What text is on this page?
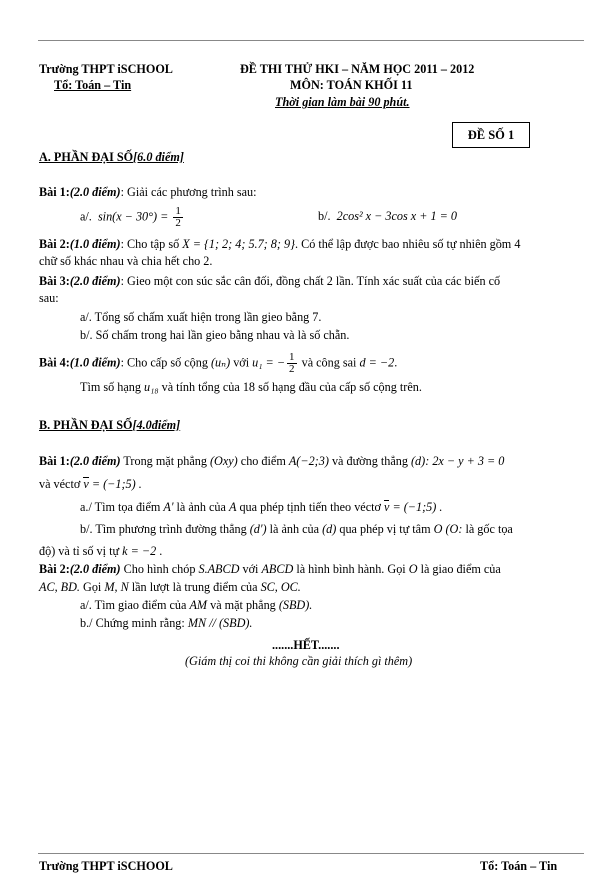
Trường THPT iSCHOOL
Tổ: Toán – Tin
ĐỀ THI THỬ HKI – NĂM HỌC 2011 – 2012
MÔN: TOÁN KHỐI 11
Thời gian làm bài 90 phút.
ĐỀ SỐ 1
A. PHẦN ĐẠI SỐ[6.0 điểm]
Bài 1:(2.0 điểm): Giải các phương trình sau:
a/. $\sin(x - 30^\circ) = \frac{1}{2}$	b/. 2cos² x − 3cos x + 1 = 0
Bài 2:(1.0 điểm): Cho tập số X = {1; 2; 4; 5.7; 8; 9}. Có thể lập được bao nhiêu số tự nhiên gồm 4
chữ số khác nhau và chia hết cho 2.
Bài 3:(2.0 điểm): Gieo một con súc sắc cân đối, đồng chất 2 lần. Tính xác suất của các biến cố
sau:
a/. Tổng số chấm xuất hiện trong lần gieo bằng 7.
b/. Số chấm trong hai lần gieo bằng nhau và là số chẵn.
Bài 4:(1.0 điểm): Cho cấp số cộng (uₙ) với u₁ = − $\frac{1}{2}$ và công sai d = −2.
Tìm số hạng u₁₈ và tính tổng của 18 số hạng đầu của cấp số cộng trên.
B. PHẦN ĐẠI SỐ[4.0điểm]
Bài 1:(2.0 điểm) Trong mặt phẳng (Oxy) cho điểm A(−2;3) và đường thẳng (d): 2x − y + 3 = 0
và véctơ v = (−1;5) .
a./ Tìm tọa điểm A' là ảnh của A qua phép tịnh tiến theo véctơ v = (−1;5) .
b/. Tìm phương trình đường thẳng (d') là ảnh của (d) qua phép vị tự tâm O (O: là gốc tọa
độ) và tỉ số vị tự k = −2 .
Bài 2:(2.0 điểm) Cho hình chóp S.ABCD với ABCD là hình bình hành. Gọi O là giao điểm của
AC, BD. Gọi M, N lần lượt là trung điểm của SC, OC.
a/. Tìm giao điểm của AM và mặt phẳng (SBD).
b./ Chứng minh rằng: MN // (SBD).
.......HẾT.......
(Giám thị coi thi không cần giải thích gì thêm)
Trường THPT iSCHOOL	Tổ: Toán – Tin
